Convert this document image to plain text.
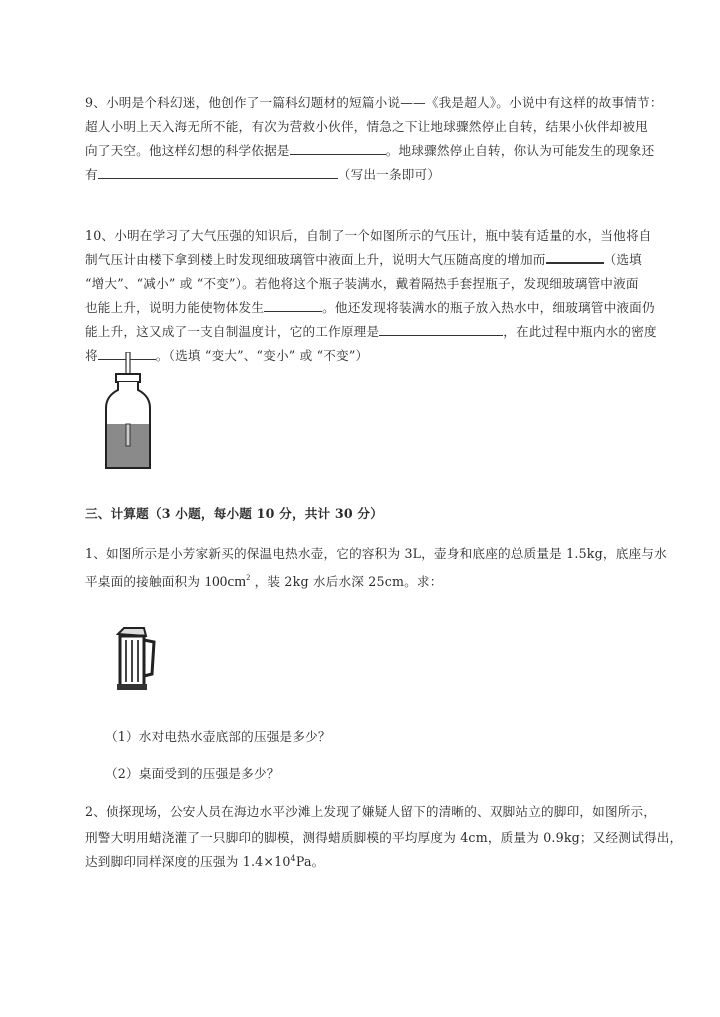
9、小明是个科幻迷，他创作了一篇科幻题材的短篇小说——《我是超人》。小说中有这样的故事情节：
超人小明上天入海无所不能，有次为营救小伙伴，情急之下让地球骤然停止自转，结果小伙伴却被甩
向了天空。他这样幻想的科学依据是	。地球骤然停止自转，你认为可能发生的现象还
有	（写出一条即可）
10、小明在学习了大气压强的知识后，自制了一个如图所示的气压计，瓶中装有适量的水，当他将自
制气压计由楼下拿到楼上时发现细玻璃管中液面上升，说明大气压随高度的增加而	（选填
“增大”、“减小” 或 “不变”）。若他将这个瓶子装满水，戴着隔热手套捏瓶子，发现细玻璃管中液面
也能上升，说明力能使物体发生	。他还发现将装满水的瓶子放入热水中，细玻璃管中液面仍
能上升，这又成了一支自制温度计，它的工作原理是	，在此过程中瓶内水的密度
将	。（选填 “变大”、“变小” 或 “不变”）
三、计算题（3 小题，每小题 10 分，共计 30 分）
1、如图所示是小芳家新买的保温电热水壶，它的容积为 3L，壶身和底座的总质量是 1.5kg，底座与水
平桌面的接触面积为 $100cm^2$ ，装 2kg 水后水深 25cm。求：
（1）水对电热水壶底部的压强是多少？
（2）桌面受到的压强是多少？
2、侦探现场，公安人员在海边水平沙滩上发现了嫌疑人留下的清晰的、双脚站立的脚印，如图所示，
刑警大明用蜡浇灌了一只脚印的脚模，测得蜡质脚模的平均厚度为 4cm，质量为 0.9kg；又经测试得出，
达到脚印同样深度的压强为 $1.4\times 10^4Pa$。
